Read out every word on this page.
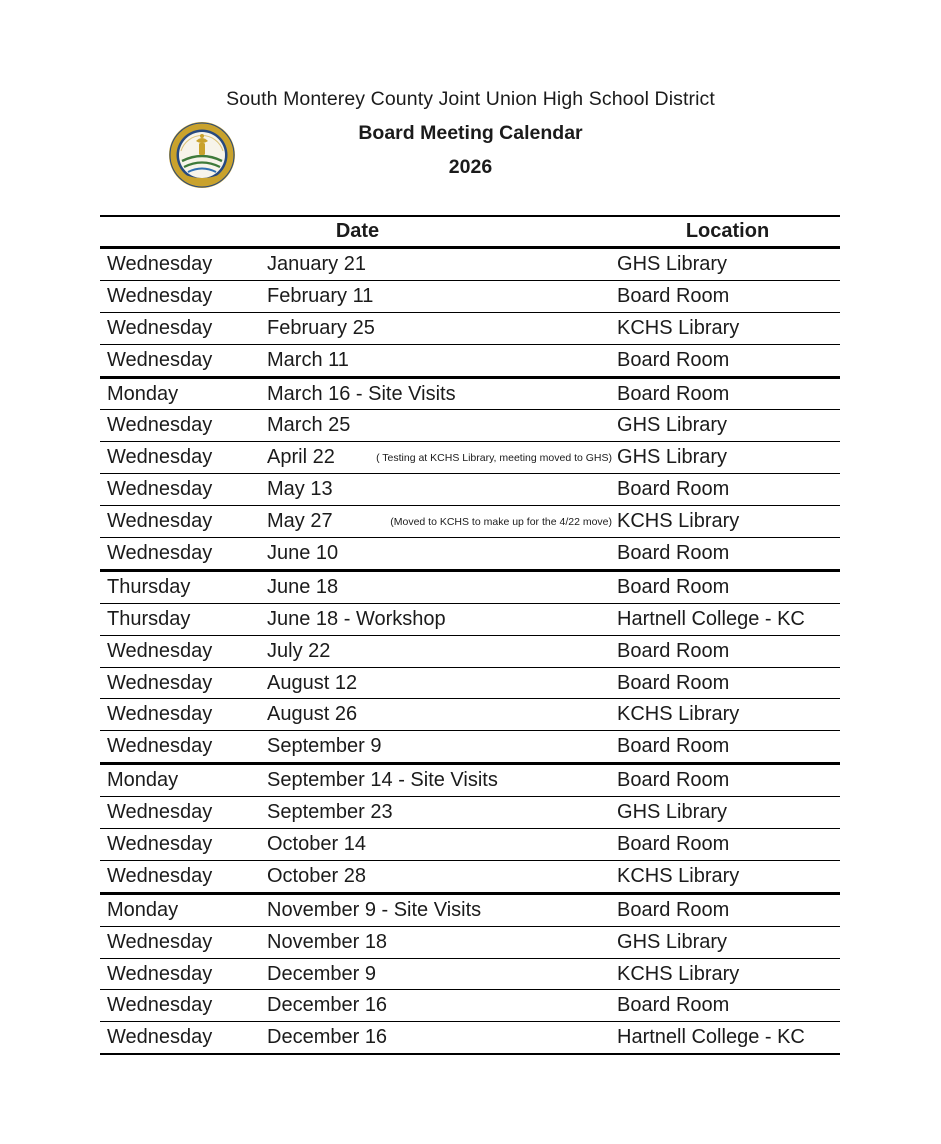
South Monterey County Joint Union High School District
Board Meeting Calendar
2026
Date		Location
Wednesday	January 21	GHS Library
Wednesday	February 11	Board Room
Wednesday	February 25	KCHS Library
Wednesday	March 11	Board Room
Monday	March 16 - Site Visits	Board Room
Wednesday	March 25	GHS Library
Wednesday	April 22 ( Testing at KCHS Library, meeting moved to GHS)	GHS Library
Wednesday	May 13	Board Room
Wednesday	May 27 (Moved to KCHS to make up for the 4/22 move)	KCHS Library
Wednesday	June 10	Board Room
Thursday	June 18	Board Room
Thursday	June 18 - Workshop	Hartnell College - KC
Wednesday	July 22	Board Room
Wednesday	August 12	Board Room
Wednesday	August 26	KCHS Library
Wednesday	September 9	Board Room
Monday	September 14 - Site Visits	Board Room
Wednesday	September 23	GHS Library
Wednesday	October 14	Board Room
Wednesday	October 28	KCHS Library
Monday	November 9 - Site Visits	Board Room
Wednesday	November 18	GHS Library
Wednesday	December 9	KCHS Library
Wednesday	December 16	Board Room
Wednesday	December 16	Hartnell College - KC
